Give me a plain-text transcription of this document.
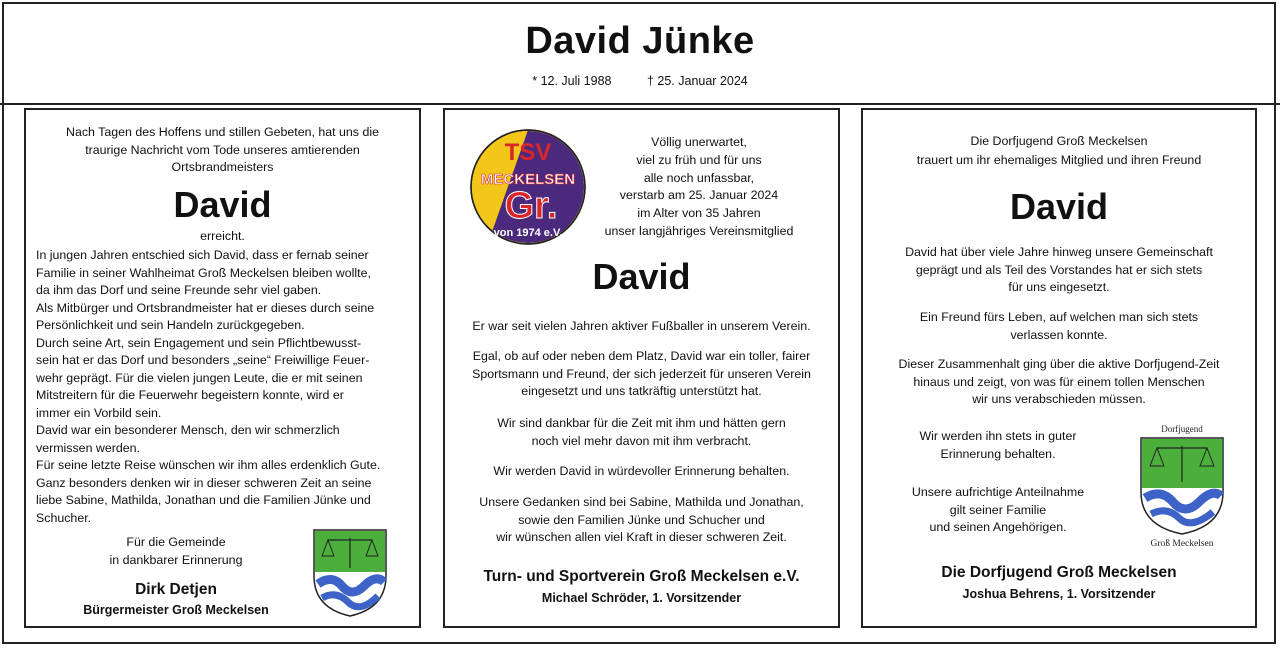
David Jünke
* 12. Juli 1988	† 25. Januar 2024
Nach Tagen des Hoffens und stillen Gebeten, hat uns die
traurige Nachricht vom Tode unseres amtierenden
Ortsbrandmeisters
David
erreicht.
In jungen Jahren entschied sich David, dass er fernab seiner
Familie in seiner Wahlheimat Groß Meckelsen bleiben wollte,
da ihm das Dorf und seine Freunde sehr viel gaben.
Als Mitbürger und Ortsbrandmeister hat er dieses durch seine
Persönlichkeit und sein Handeln zurückgegeben.
Durch seine Art, sein Engagement und sein Pflichtbewusst-
sein hat er das Dorf und besonders „seine“ Freiwillige Feuer-
wehr geprägt. Für die vielen jungen Leute, die er mit seinen
Mitstreitern für die Feuerwehr begeistern konnte, wird er
immer ein Vorbild sein.
David war ein besonderer Mensch, den wir schmerzlich
vermissen werden.
Für seine letzte Reise wünschen wir ihm alles erdenklich Gute.
Ganz besonders denken wir in dieser schweren Zeit an seine
liebe Sabine, Mathilda, Jonathan und die Familien Jünke und
Schucher.
Für die Gemeinde
in dankbarer Erinnerung
Dirk Detjen
Bürgermeister Groß Meckelsen
TSV
MECKELSEN
Gr.
von 1974 e.V.
Völlig unerwartet,
viel zu früh und für uns
alle noch unfassbar,
verstarb am 25. Januar 2024
im Alter von 35 Jahren
unser langjähriges Vereinsmitglied
David
Er war seit vielen Jahren aktiver Fußballer in unserem Verein.
Egal, ob auf oder neben dem Platz, David war ein toller, fairer
Sportsmann und Freund, der sich jederzeit für unseren Verein
eingesetzt und uns tatkräftig unterstützt hat.
Wir sind dankbar für die Zeit mit ihm und hätten gern
noch viel mehr davon mit ihm verbracht.
Wir werden David in würdevoller Erinnerung behalten.
Unsere Gedanken sind bei Sabine, Mathilda und Jonathan,
sowie den Familien Jünke und Schucher und
wir wünschen allen viel Kraft in dieser schweren Zeit.
Turn- und Sportverein Groß Meckelsen e.V.
Michael Schröder, 1. Vorsitzender
Die Dorfjugend Groß Meckelsen
trauert um ihr ehemaliges Mitglied und ihren Freund
David
David hat über viele Jahre hinweg unsere Gemeinschaft
geprägt und als Teil des Vorstandes hat er sich stets
für uns eingesetzt.
Ein Freund fürs Leben, auf welchen man sich stets
verlassen konnte.
Dieser Zusammenhalt ging über die aktive Dorfjugend-Zeit
hinaus und zeigt, von was für einem tollen Menschen
wir uns verabschieden müssen.
Wir werden ihn stets in guter
Erinnerung behalten.
Unsere aufrichtige Anteilnahme
gilt seiner Familie
und seinen Angehörigen.
Dorfjugend
Groß Meckelsen
Die Dorfjugend Groß Meckelsen
Joshua Behrens, 1. Vorsitzender
